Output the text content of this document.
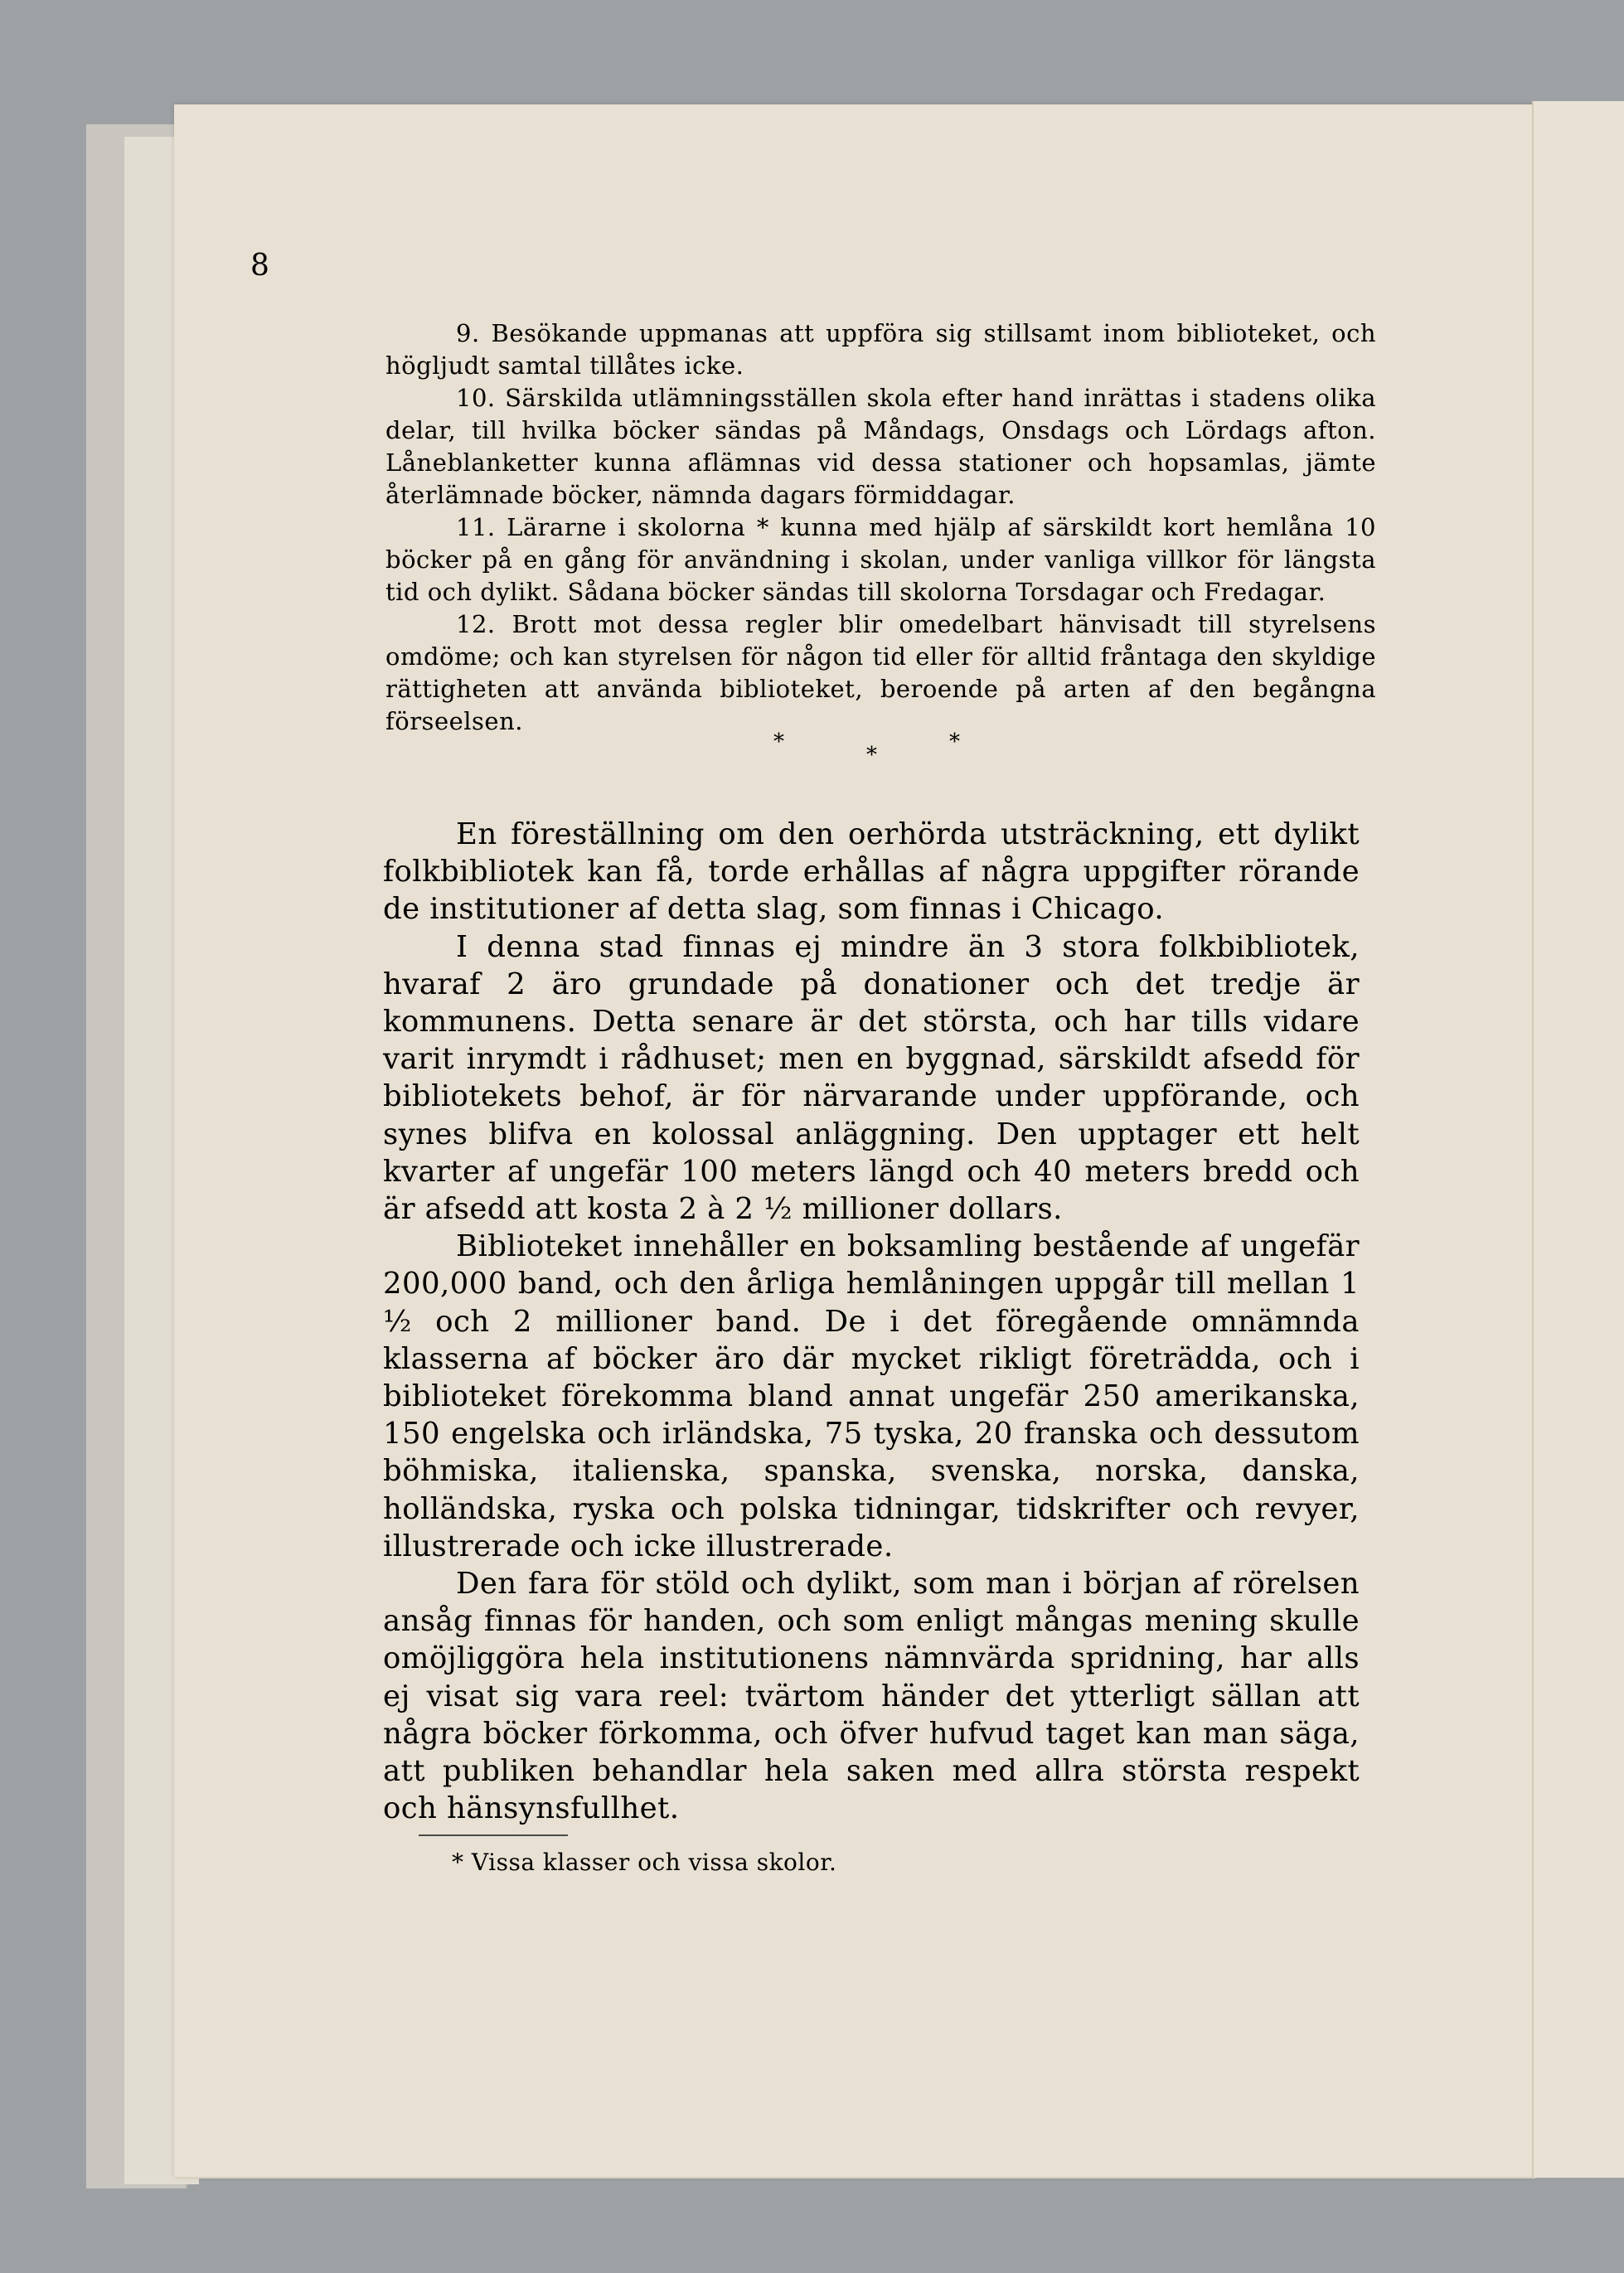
8

9. Besökande uppmanas att uppföra sig stillsamt inom biblioteket, och högljudt samtal tillåtes icke.

10. Särskilda utlämningsställen skola efter hand inrättas i stadens olika delar, till hvilka böcker sändas på Måndags, Onsdags och Lördags afton. Låneblanketter kunna aflämnas vid dessa stationer och hopsamlas, jämte återlämnade böcker, nämnda dagars förmiddagar.

11. Lärarne i skolorna * kunna med hjälp af särskildt kort hemlåna 10 böcker på en gång för användning i skolan, under vanliga villkor för längsta tid och dylikt. Sådana böcker sändas till skolorna Torsdagar och Fredagar.

12. Brott mot dessa regler blir omedelbart hänvisadt till styrelsens omdöme; och kan styrelsen för någon tid eller för alltid fråntaga den skyldige rättigheten att använda biblioteket, beroende på arten af den begångna förseelsen.

*
*
*

En föreställning om den oerhörda utsträckning, ett dylikt folkbibliotek kan få, torde erhållas af några uppgifter rörande de institutioner af detta slag, som finnas i Chicago.

I denna stad finnas ej mindre än 3 stora folkbibliotek, hvaraf 2 äro grundade på donationer och det tredje är kommunens. Detta senare är det största, och har tills vidare varit inrymdt i rådhuset; men en byggnad, särskildt afsedd för bibliotekets behof, är för närvarande under uppförande, och synes blifva en kolossal anläggning. Den upptager ett helt kvarter af ungefär 100 meters längd och 40 meters bredd och är afsedd att kosta 2 à 2 ½ millioner dollars.

Biblioteket innehåller en boksamling bestående af ungefär 200,000 band, och den årliga hemlåningen uppgår till mellan 1 ½ och 2 millioner band. De i det föregående omnämnda klasserna af böcker äro där mycket rikligt företrädda, och i biblioteket förekomma bland annat ungefär 250 amerikanska, 150 engelska och irländska, 75 tyska, 20 franska och dessutom böhmiska, italienska, spanska, svenska, norska, danska, holländska, ryska och polska tidningar, tidskrifter och revyer, illustrerade och icke illustrerade.

Den fara för stöld och dylikt, som man i början af rörelsen ansåg finnas för handen, och som enligt mångas mening skulle omöjliggöra hela institutionens nämnvärda spridning, har alls ej visat sig vara reel: tvärtom händer det ytterligt sällan att några böcker förkomma, och öfver hufvud taget kan man säga, att publiken behandlar hela saken med allra största respekt och hänsynsfullhet.

* Vissa klasser och vissa skolor.
